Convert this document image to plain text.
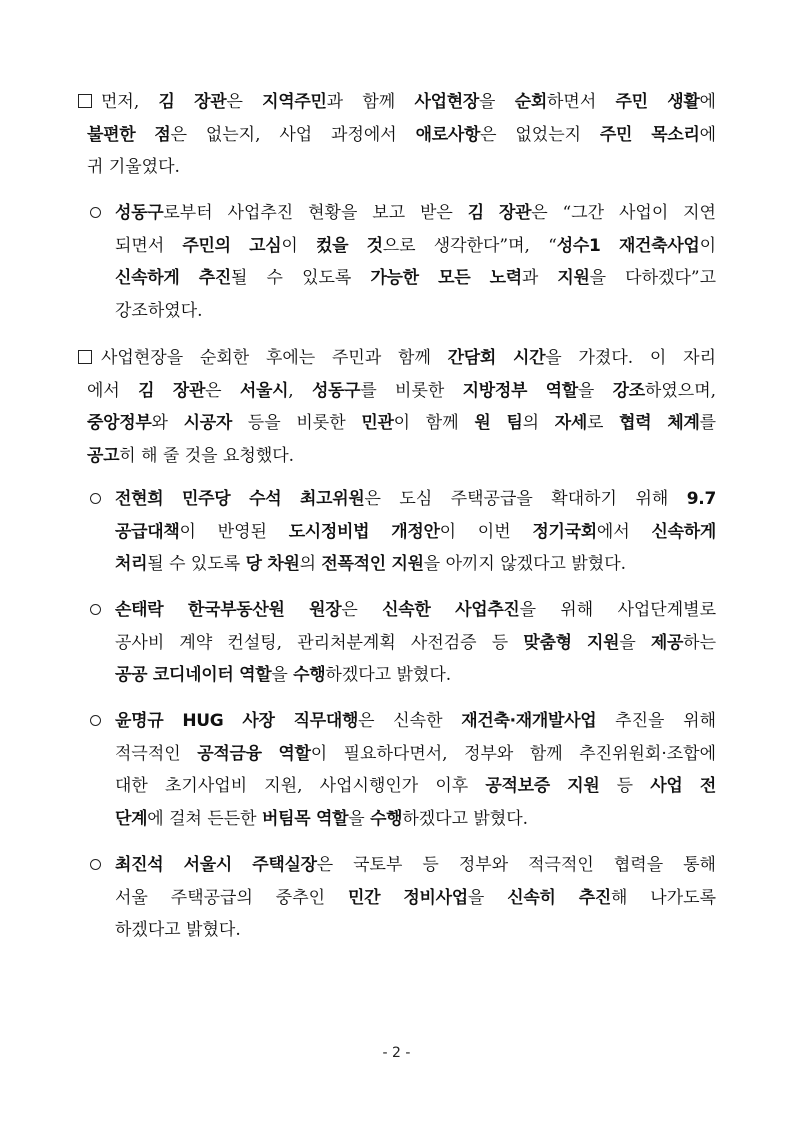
먼저, 김 장관은 지역주민과 함께 사업현장을 순회하면서 주민 생활에

불편한 점은 없는지, 사업 과정에서 애로사항은 없었는지 주민 목소리에

귀 기울였다.

성동구로부터 사업추진 현황을 보고 받은 김 장관은 “그간 사업이 지연

되면서 주민의 고심이 컸을 것으로 생각한다”며, “성수1 재건축사업이

신속하게 추진될 수 있도록 가능한 모든 노력과 지원을 다하겠다”고

강조하였다.

사업현장을 순회한 후에는 주민과 함께 간담회 시간을 가졌다. 이 자리

에서 김 장관은 서울시, 성동구를 비롯한 지방정부 역할을 강조하였으며,

중앙정부와 시공자 등을 비롯한 민관이 함께 원 팀의 자세로 협력 체계를

공고히 해 줄 것을 요청했다.

전현희 민주당 수석 최고위원은 도심 주택공급을 확대하기 위해 9.7

공급대책이 반영된 도시정비법 개정안이 이번 정기국회에서 신속하게

처리될 수 있도록 당 차원의 전폭적인 지원을 아끼지 않겠다고 밝혔다.

손태락 한국부동산원 원장은 신속한 사업추진을 위해 사업단계별로

공사비 계약 컨설팅, 관리처분계획 사전검증 등 맞춤형 지원을 제공하는

공공 코디네이터 역할을 수행하겠다고 밝혔다.

윤명규 HUG 사장 직무대행은 신속한 재건축·재개발사업 추진을 위해

적극적인 공적금융 역할이 필요하다면서, 정부와 함께 추진위원회·조합에

대한 초기사업비 지원, 사업시행인가 이후 공적보증 지원 등 사업 전

단계에 걸쳐 든든한 버팀목 역할을 수행하겠다고 밝혔다.

최진석 서울시 주택실장은 국토부 등 정부와 적극적인 협력을 통해

서울 주택공급의 중추인 민간 정비사업을 신속히 추진해 나가도록

하겠다고 밝혔다.

- 2 -
